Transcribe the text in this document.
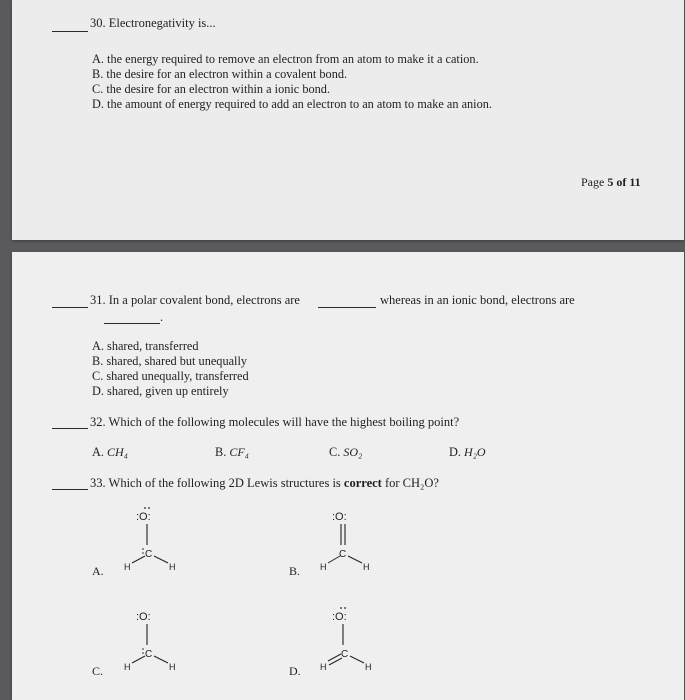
30. Electronegativity is...
A. the energy required to remove an electron from an atom to make it a cation.
B. the desire for an electron within a covalent bond.
C. the desire for an electron within a ionic bond.
D. the amount of energy required to add an electron to an atom to make an anion.
Page 5 of 11
31. In a polar covalent bond, electrons are	whereas in an ionic bond, electrons are
.
A. shared, transferred
B. shared, shared but unequally
C. shared unequally, transferred
D. shared, given up entirely
32. Which of the following molecules will have the highest boiling point?
A. CH₄	B. CF₄	C. SO₂	D. H₂O
33. Which of the following 2D Lewis structures is correct for CH₂O?
A.
:O:
C
H	H	B.
:O:
C
H	H
C.
:O:
C
H	H	D.
:O:
C
H	H
